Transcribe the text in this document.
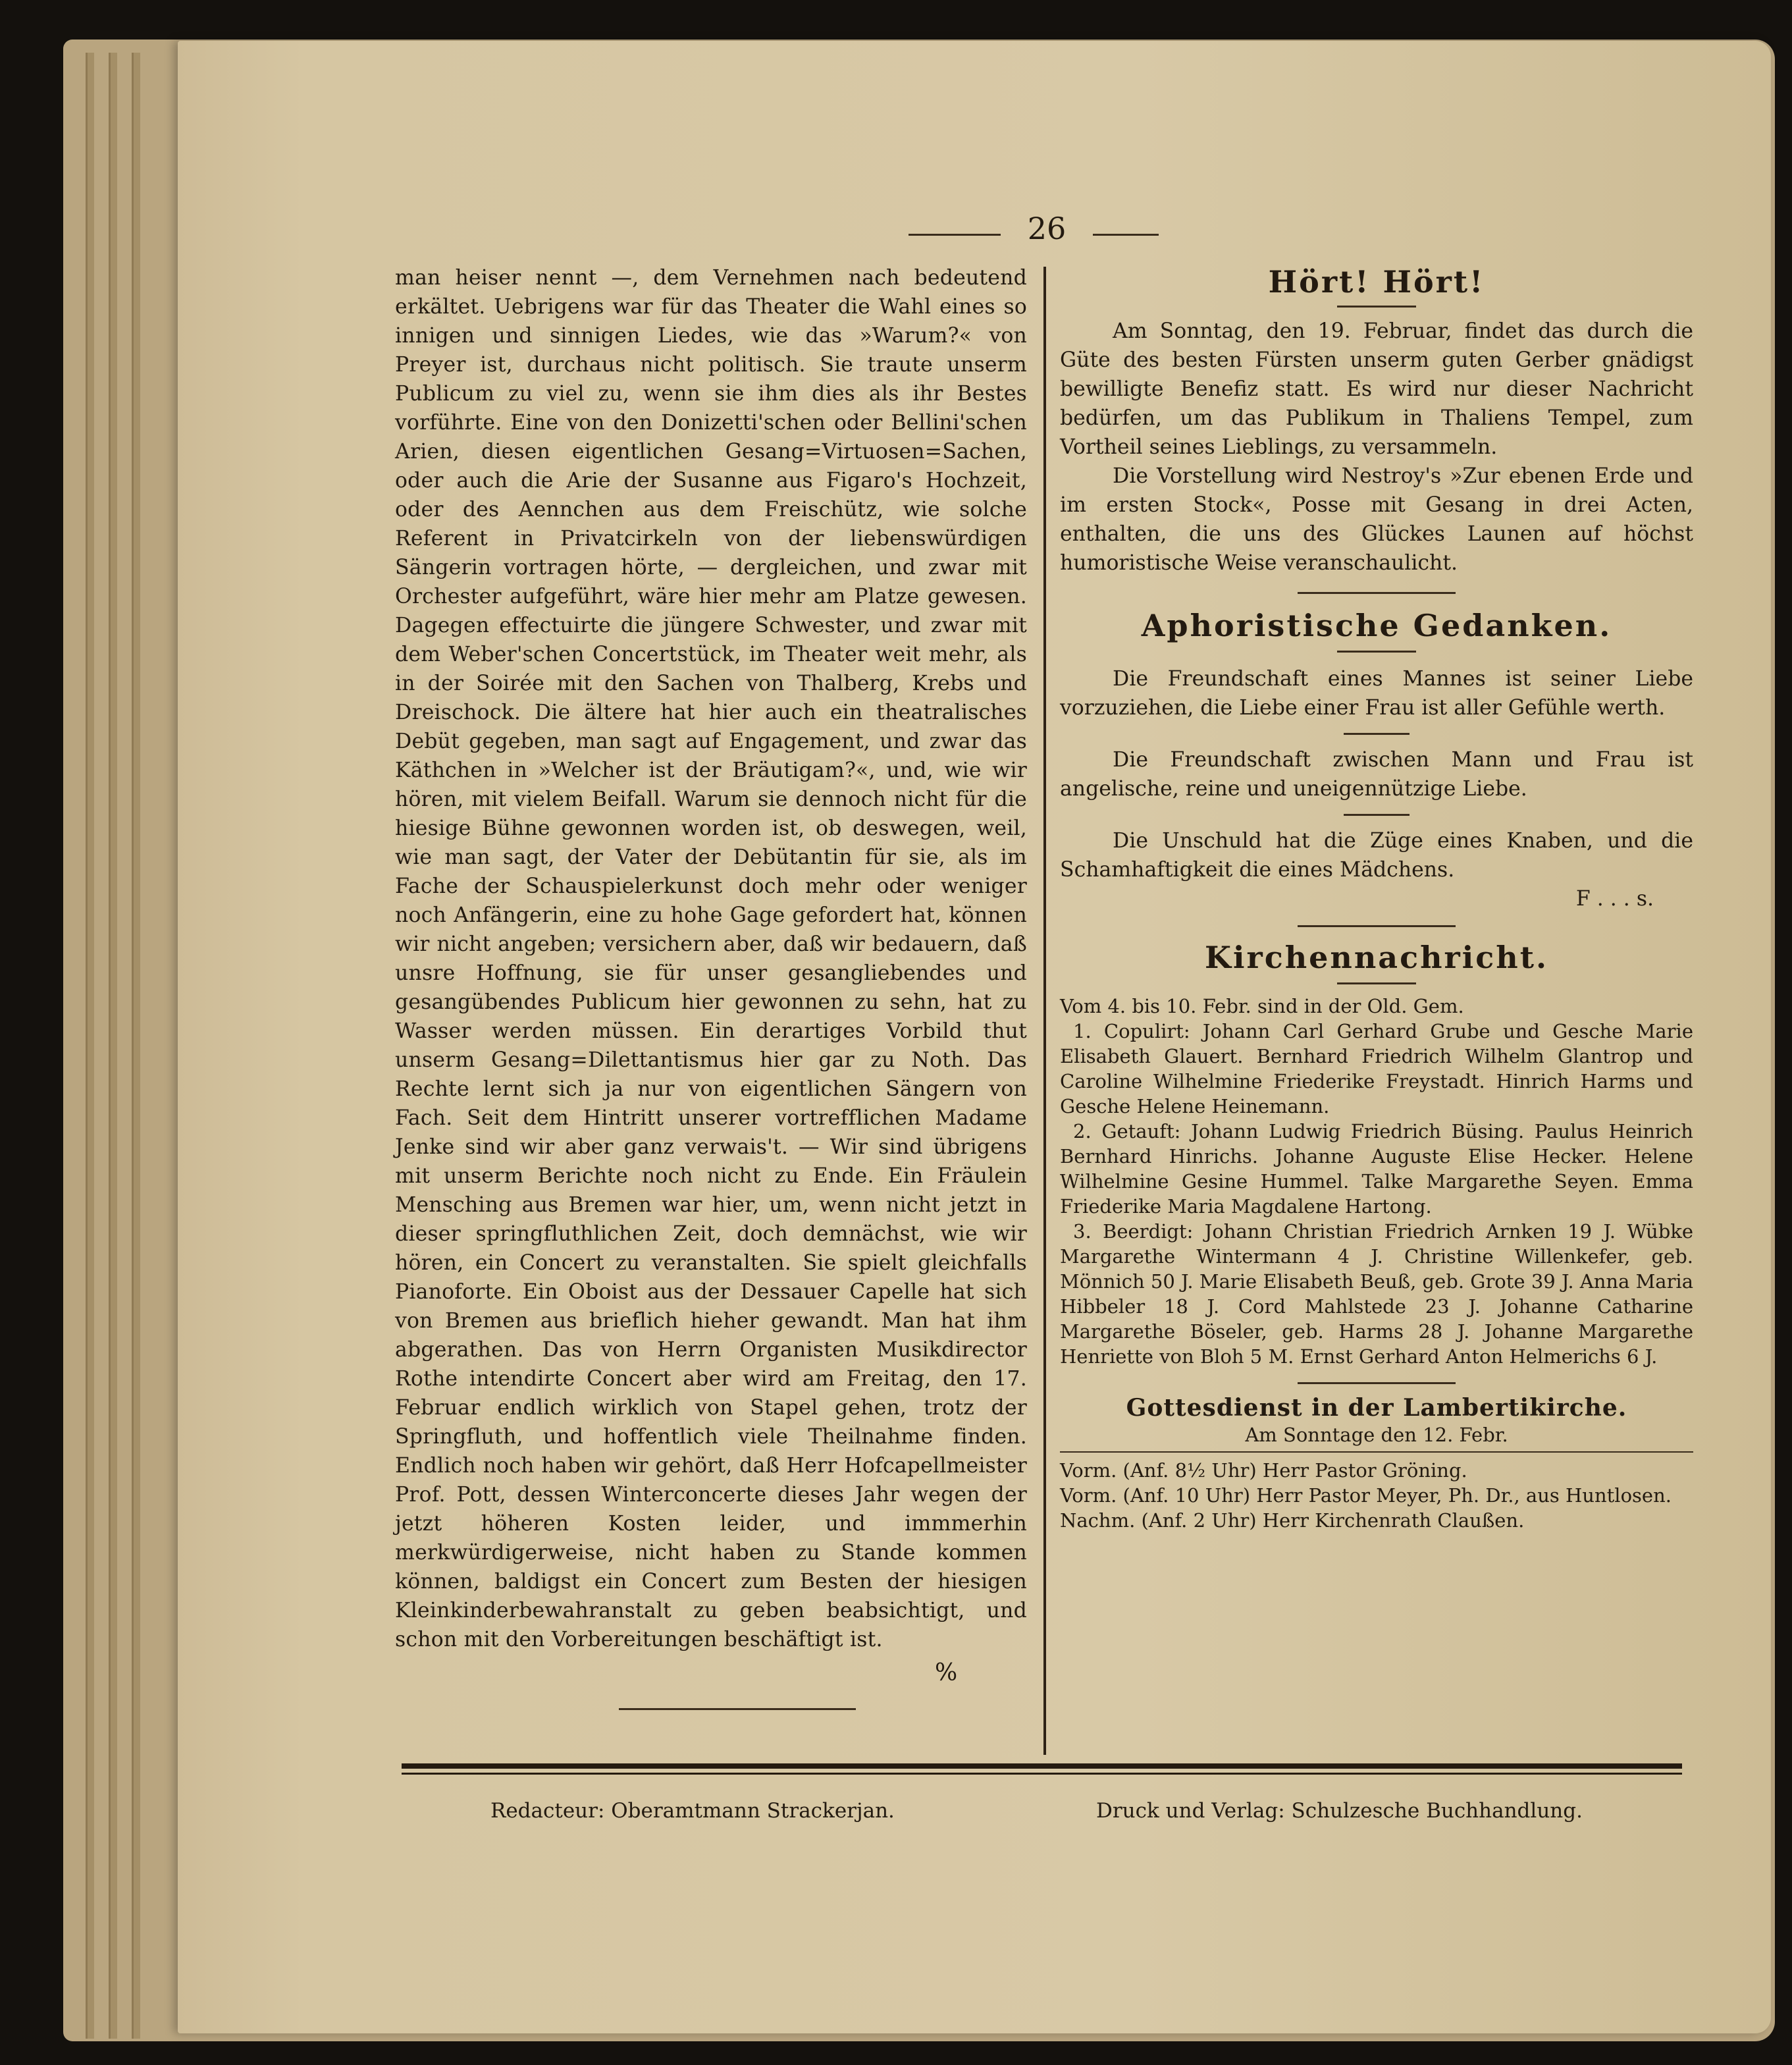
26

man heiser nennt —, dem Vernehmen nach bedeutend erkältet. Uebrigens war für das Theater die Wahl eines so innigen und sinnigen Liedes, wie das »Warum?« von Preyer ist, durchaus nicht politisch. Sie traute unserm Publicum zu viel zu, wenn sie ihm dies als ihr Bestes vorführte. Eine von den Donizetti'schen oder Bellini'schen Arien, diesen eigentlichen Gesang=Virtuosen=Sachen, oder auch die Arie der Susanne aus Figaro's Hochzeit, oder des Aennchen aus dem Freischütz, wie solche Referent in Privatcirkeln von der liebenswürdigen Sängerin vortragen hörte, — dergleichen, und zwar mit Orchester aufgeführt, wäre hier mehr am Platze gewesen. Dagegen effectuirte die jüngere Schwester, und zwar mit dem Weber'schen Concertstück, im Theater weit mehr, als in der Soirée mit den Sachen von Thalberg, Krebs und Dreischock. Die ältere hat hier auch ein theatralisches Debüt gegeben, man sagt auf Engagement, und zwar das Käthchen in »Welcher ist der Bräutigam?«, und, wie wir hören, mit vielem Beifall. Warum sie dennoch nicht für die hiesige Bühne gewonnen worden ist, ob deswegen, weil, wie man sagt, der Vater der Debütantin für sie, als im Fache der Schauspielerkunst doch mehr oder weniger noch Anfängerin, eine zu hohe Gage gefordert hat, können wir nicht angeben; versichern aber, daß wir bedauern, daß unsre Hoffnung, sie für unser gesangliebendes und gesangübendes Publicum hier gewonnen zu sehn, hat zu Wasser werden müssen. Ein derartiges Vorbild thut unserm Gesang=Dilettantismus hier gar zu Noth. Das Rechte lernt sich ja nur von eigentlichen Sängern von Fach. Seit dem Hintritt unserer vortrefflichen Madame Jenke sind wir aber ganz verwais't. — Wir sind übrigens mit unserm Berichte noch nicht zu Ende. Ein Fräulein Mensching aus Bremen war hier, um, wenn nicht jetzt in dieser springfluthlichen Zeit, doch demnächst, wie wir hören, ein Concert zu veranstalten. Sie spielt gleichfalls Pianoforte. Ein Oboist aus der Dessauer Capelle hat sich von Bremen aus brieflich hieher gewandt. Man hat ihm abgerathen. Das von Herrn Organisten Musikdirector Rothe intendirte Concert aber wird am Freitag, den 17. Februar endlich wirklich von Stapel gehen, trotz der Springfluth, und hoffentlich viele Theilnahme finden. Endlich noch haben wir gehört, daß Herr Hofcapellmeister Prof. Pott, dessen Winterconcerte dieses Jahr wegen der jetzt höheren Kosten leider, und immmerhin merkwürdigerweise, nicht haben zu Stande kommen können, baldigst ein Concert zum Besten der hiesigen Kleinkinderbewahranstalt zu geben beabsichtigt, und schon mit den Vorbereitungen beschäftigt ist.

%

Hört! Hört!

Am Sonntag, den 19. Februar, findet das durch die Güte des besten Fürsten unserm guten Gerber gnädigst bewilligte Benefiz statt. Es wird nur dieser Nachricht bedürfen, um das Publikum in Thaliens Tempel, zum Vortheil seines Lieblings, zu versammeln.

Die Vorstellung wird Nestroy's »Zur ebenen Erde und im ersten Stock«, Posse mit Gesang in drei Acten, enthalten, die uns des Glückes Launen auf höchst humoristische Weise veranschaulicht.

Aphoristische Gedanken.

Die Freundschaft eines Mannes ist seiner Liebe vorzuziehen, die Liebe einer Frau ist aller Gefühle werth.

Die Freundschaft zwischen Mann und Frau ist angelische, reine und uneigennützige Liebe.

Die Unschuld hat die Züge eines Knaben, und die Schamhaftigkeit die eines Mädchens.

F . . . s.

Kirchennachricht.

Vom 4. bis 10. Febr. sind in der Old. Gem.

1. Copulirt: Johann Carl Gerhard Grube und Gesche Marie Elisabeth Glauert. Bernhard Friedrich Wilhelm Glantrop und Caroline Wilhelmine Friederike Freystadt. Hinrich Harms und Gesche Helene Heinemann.

2. Getauft: Johann Ludwig Friedrich Büsing. Paulus Heinrich Bernhard Hinrichs. Johanne Auguste Elise Hecker. Helene Wilhelmine Gesine Hummel. Talke Margarethe Seyen. Emma Friederike Maria Magdalene Hartong.

3. Beerdigt: Johann Christian Friedrich Arnken 19 J. Wübke Margarethe Wintermann 4 J. Christine Willenkefer, geb. Mönnich 50 J. Marie Elisabeth Beuß, geb. Grote 39 J. Anna Maria Hibbeler 18 J. Cord Mahlstede 23 J. Johanne Catharine Margarethe Böseler, geb. Harms 28 J. Johanne Margarethe Henriette von Bloh 5 M. Ernst Gerhard Anton Helmerichs 6 J.

Gottesdienst in der Lambertikirche.

Am Sonntage den 12. Febr.

Vorm. (Anf. 8½ Uhr) Herr Pastor Gröning.

Vorm. (Anf. 10 Uhr) Herr Pastor Meyer, Ph. Dr., aus Huntlosen.

Nachm. (Anf. 2 Uhr) Herr Kirchenrath Claußen.

Redacteur: Oberamtmann Strackerjan.	Druck und Verlag: Schulzesche Buchhandlung.
